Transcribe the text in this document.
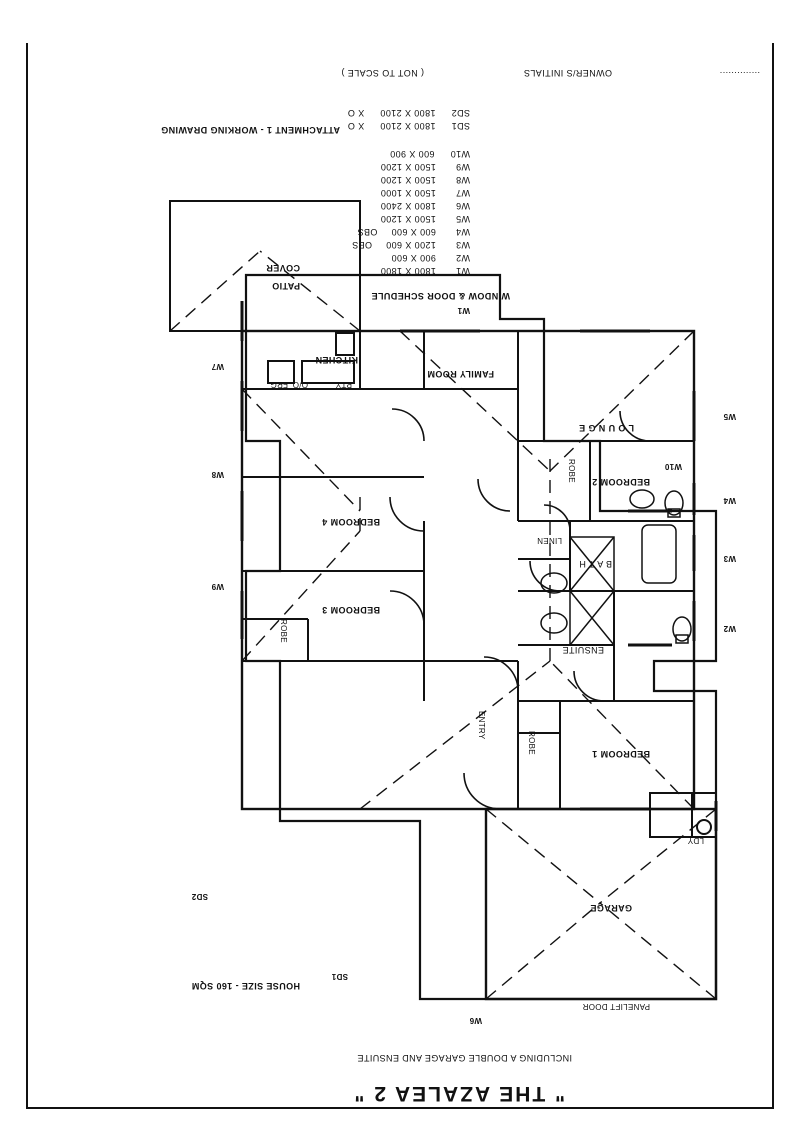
" THE AZALEA 2 "
INCLUDING A DOUBLE GARAGE AND ENSUITE
HOUSE SIZE - 160 SQM
WINDOW & DOOR SCHEDULE
W1  1800 X 1800
W2  900 X 600
W3  1200 X 600  OBS
W4  600 X 600  OBS
W5  1500 X 1200
W6  1800 X 2400
W7  1500 X 1000
W8  1500 X 1200
W9  1500 X 1200
W10  600 X 900
SD1  1800 X 2100  X O
SD2  1800 X 2100  X O
ATTACHMENT 1 - WORKING DRAWING
( NOT TO SCALE )	OWNER/S INITIALS	..............
GARAGE
PANELIFT DOOR
LDY
ENTRY
BEDROOM 1
ROBE
ENSUITE
B A T H
LINEN
BEDROOM 2
ROBE
BEDROOM 3
ROBE
BEDROOM 4
KITCHEN
PTY
O/O
FRG
L O U N G E
FAMILY ROOM
PATIO
COVER
W1
W2
W3
W4
W5
W6
W7
W8
W9
W10
SD1
SD2
